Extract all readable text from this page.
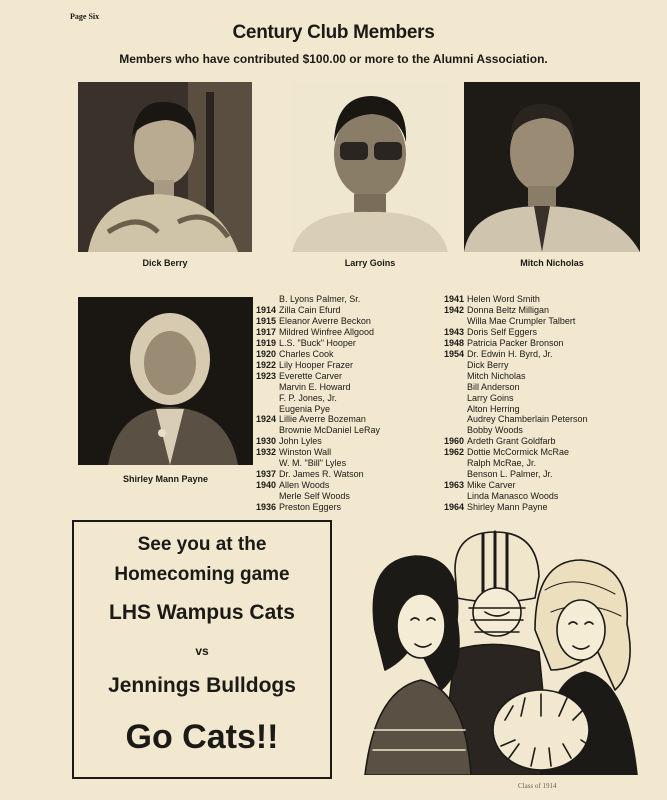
Page Six
Century Club Members
Members who have contributed $100.00 or more to the Alumni Association.
Dick Berry	Larry Goins	Mitch Nicholas
Shirley Mann Payne
B. Lyons Palmer, Sr.
1914 Zilla Cain Efurd
1915 Eleanor Averre Beckon
1917 Mildred Winfree Allgood
1919 L.S. "Buck" Hooper
1920 Charles Cook
1922 Lily Hooper Frazer
1923 Everette Carver
Marvin E. Howard
F. P. Jones, Jr.
Eugenia Pye
1924 Lillie Averre Bozeman
Brownie McDaniel LeRay
1930 John Lyles
1932 Winston Wall
W. M. "Bill" Lyles
1937 Dr. James R. Watson
1940 Allen Woods
Merle Self Woods
1936 Preston Eggers
1941 Helen Word Smith
1942 Donna Beltz Milligan
Willa Mae Crumpler Talbert
1943 Doris Self Eggers
1948 Patricia Packer Bronson
1954 Dr. Edwin H. Byrd, Jr.
Dick Berry
Mitch Nicholas
Bill Anderson
Larry Goins
Alton Herring
Audrey Chamberlain Peterson
Bobby Woods
1960 Ardeth Grant Goldfarb
1962 Dottie McCormick McRae
Ralph McRae, Jr.
Benson L. Palmer, Jr.
1963 Mike Carver
Linda Manasco Woods
1964 Shirley Mann Payne
See you at the
Homecoming game
LHS Wampus Cats
vs
Jennings Bulldogs
Go Cats!!
Class of 1914
